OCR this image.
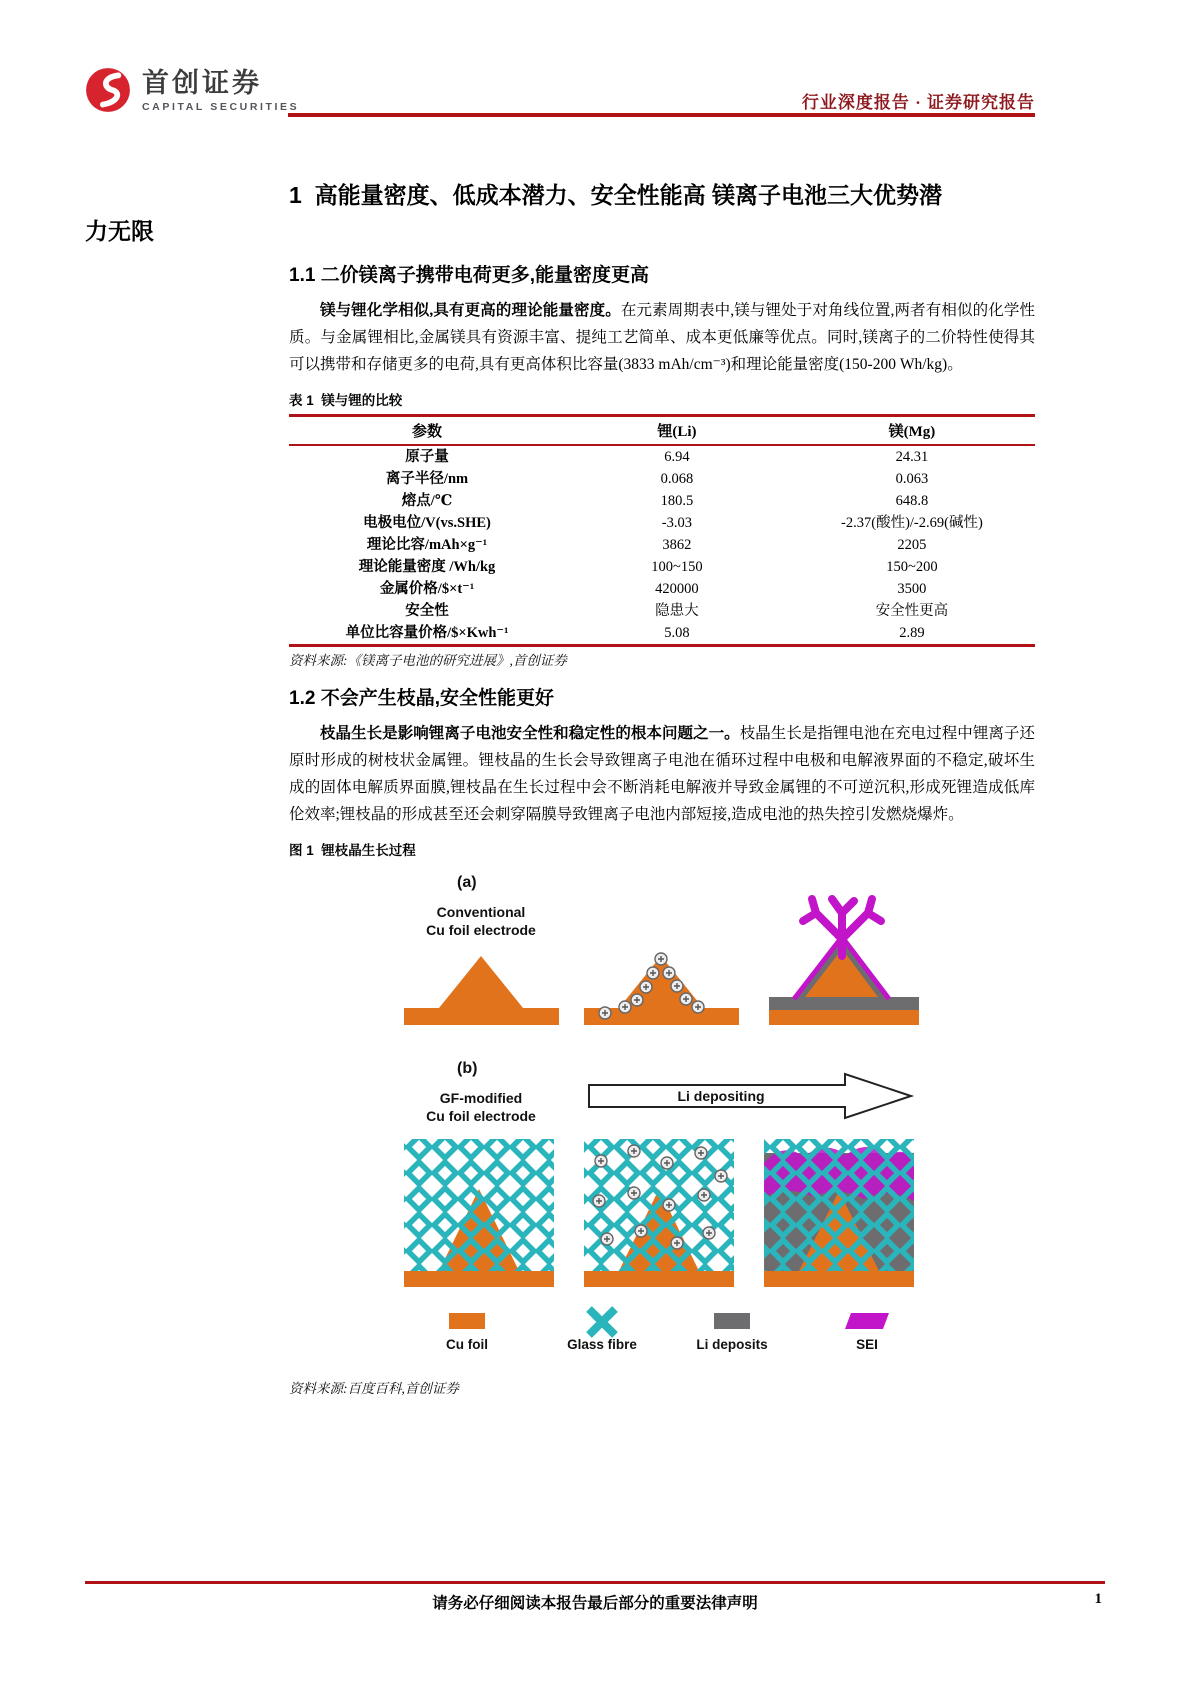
首创证券
CAPITAL SECURITIES	行业深度报告 · 证券研究报告
力无限
1  高能量密度、低成本潜力、安全性能高 镁离子电池三大优势潜
1.1 二价镁离子携带电荷更多,能量密度更高

镁与锂化学相似,具有更高的理论能量密度。在元素周期表中,镁与锂处于对角线位置,两者有相似的化学性质。与金属锂相比,金属镁具有资源丰富、提纯工艺简单、成本更低廉等优点。同时,镁离子的二价特性使得其可以携带和存储更多的电荷,具有更高体积比容量(3833 mAh/cm⁻³)和理论能量密度(150-200 Wh/kg)。

表 1  镁与锂的比较
参数	锂(Li)	镁(Mg)
原子量	6.94	24.31
离子半径/nm	0.068	0.063
熔点/℃	180.5	648.8
电极电位/V(vs.SHE)	-3.03	-2.37(酸性)/-2.69(碱性)
理论比容/mAh×g⁻¹	3862	2205
理论能量密度 /Wh/kg	100~150	150~200
金属价格/$×t⁻¹	420000	3500
安全性	隐患大	安全性更高
单位比容量价格/$×Kwh⁻¹	5.08	2.89
资料来源:《镁离子电池的研究进展》,首创证券
1.2 不会产生枝晶,安全性能更好

枝晶生长是影响锂离子电池安全性和稳定性的根本问题之一。枝晶生长是指锂电池在充电过程中锂离子还原时形成的树枝状金属锂。锂枝晶的生长会导致锂离子电池在循环过程中电极和电解液界面的不稳定,破坏生成的固体电解质界面膜,锂枝晶在生长过程中会不断消耗电解液并导致金属锂的不可逆沉积,形成死锂造成低库伦效率;锂枝晶的形成甚至还会刺穿隔膜导致锂离子电池内部短接,造成电池的热失控引发燃烧爆炸。

图 1  锂枝晶生长过程
(a)
Conventional
Cu foil electrode
(b)
GF-modified
Cu foil electrode
Li depositing
Cu foil	Glass fibre	Li deposits	SEI
资料来源:百度百科,首创证券
请务必仔细阅读本报告最后部分的重要法律声明	1
